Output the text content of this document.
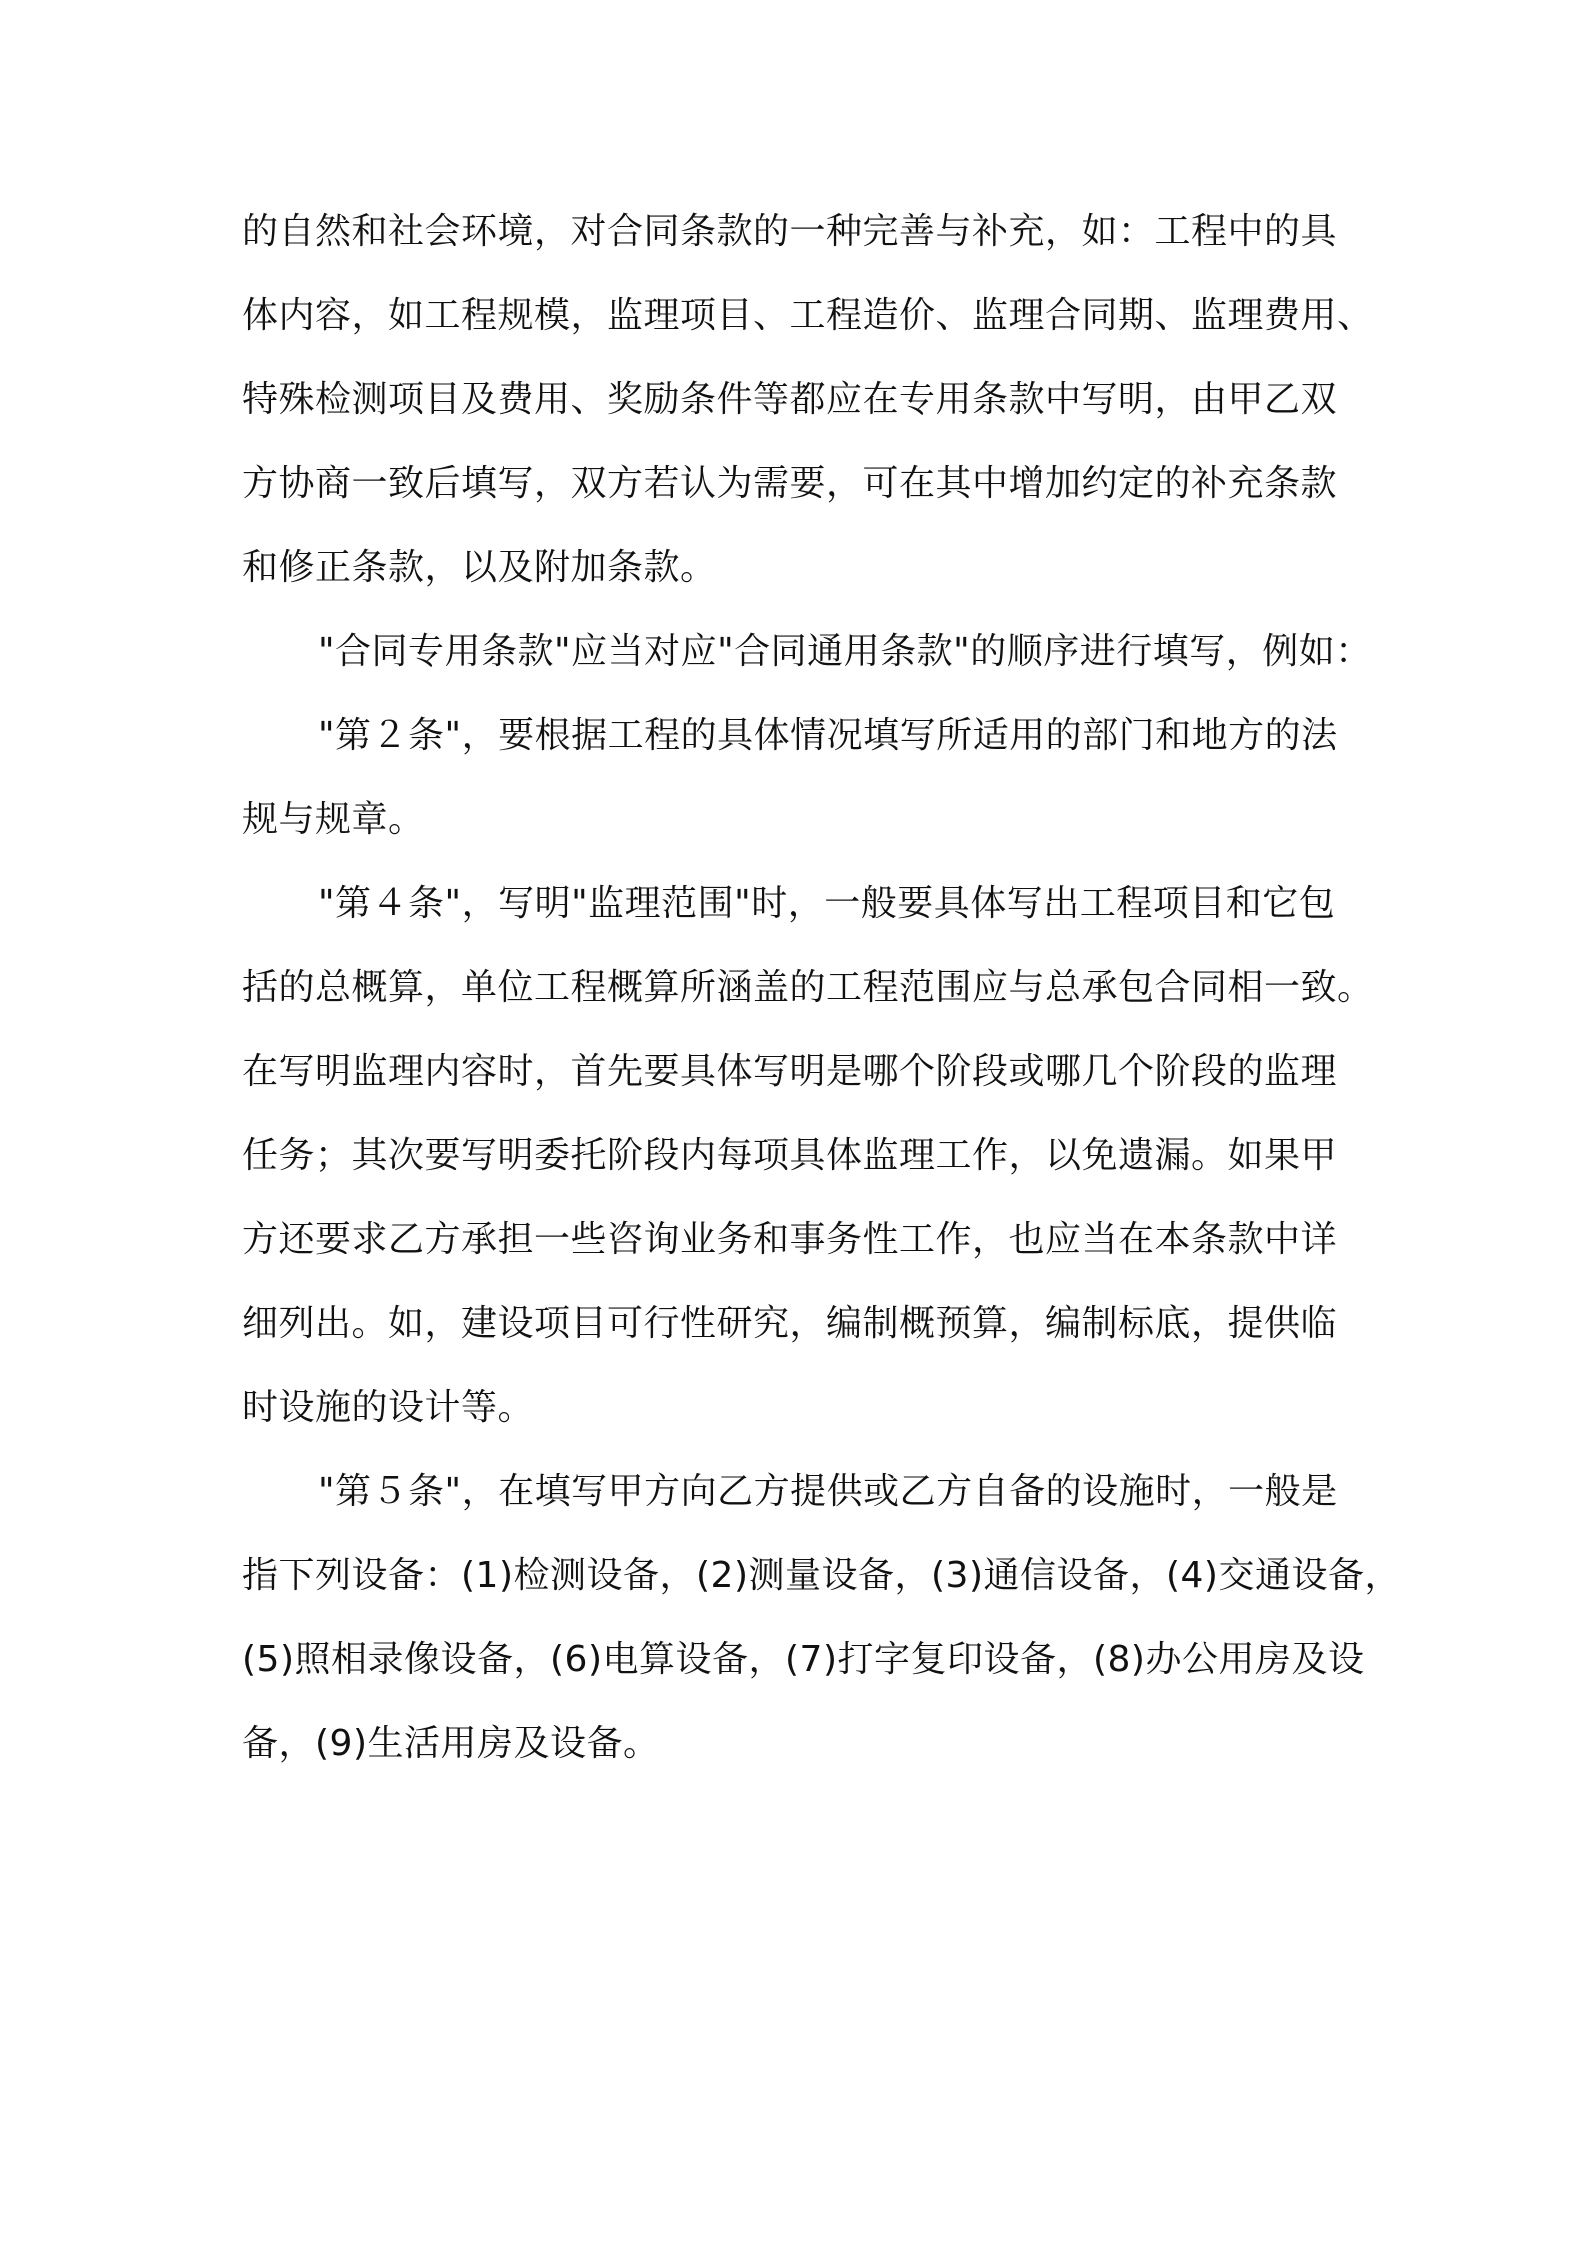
的自然和社会环境，对合同条款的一种完善与补充，如：工程中的具
体内容，如工程规模，监理项目、工程造价、监理合同期、监理费用、
特殊检测项目及费用、奖励条件等都应在专用条款中写明，由甲乙双
方协商一致后填写，双方若认为需要，可在其中增加约定的补充条款
和修正条款，以及附加条款。
"合同专用条款"应当对应"合同通用条款"的顺序进行填写，例如：
"第２条"，要根据工程的具体情况填写所适用的部门和地方的法
规与规章。
"第４条"，写明"监理范围"时，一般要具体写出工程项目和它包
括的总概算，单位工程概算所涵盖的工程范围应与总承包合同相一致。
在写明监理内容时，首先要具体写明是哪个阶段或哪几个阶段的监理
任务；其次要写明委托阶段内每项具体监理工作，以免遗漏。如果甲
方还要求乙方承担一些咨询业务和事务性工作，也应当在本条款中详
细列出。如，建设项目可行性研究，编制概预算，编制标底，提供临
时设施的设计等。
"第５条"，在填写甲方向乙方提供或乙方自备的设施时，一般是
指下列设备：(1)检测设备，(2)测量设备，(3)通信设备，(4)交通设备，
(5)照相录像设备，(6)电算设备，(7)打字复印设备，(8)办公用房及设
备，(9)生活用房及设备。
